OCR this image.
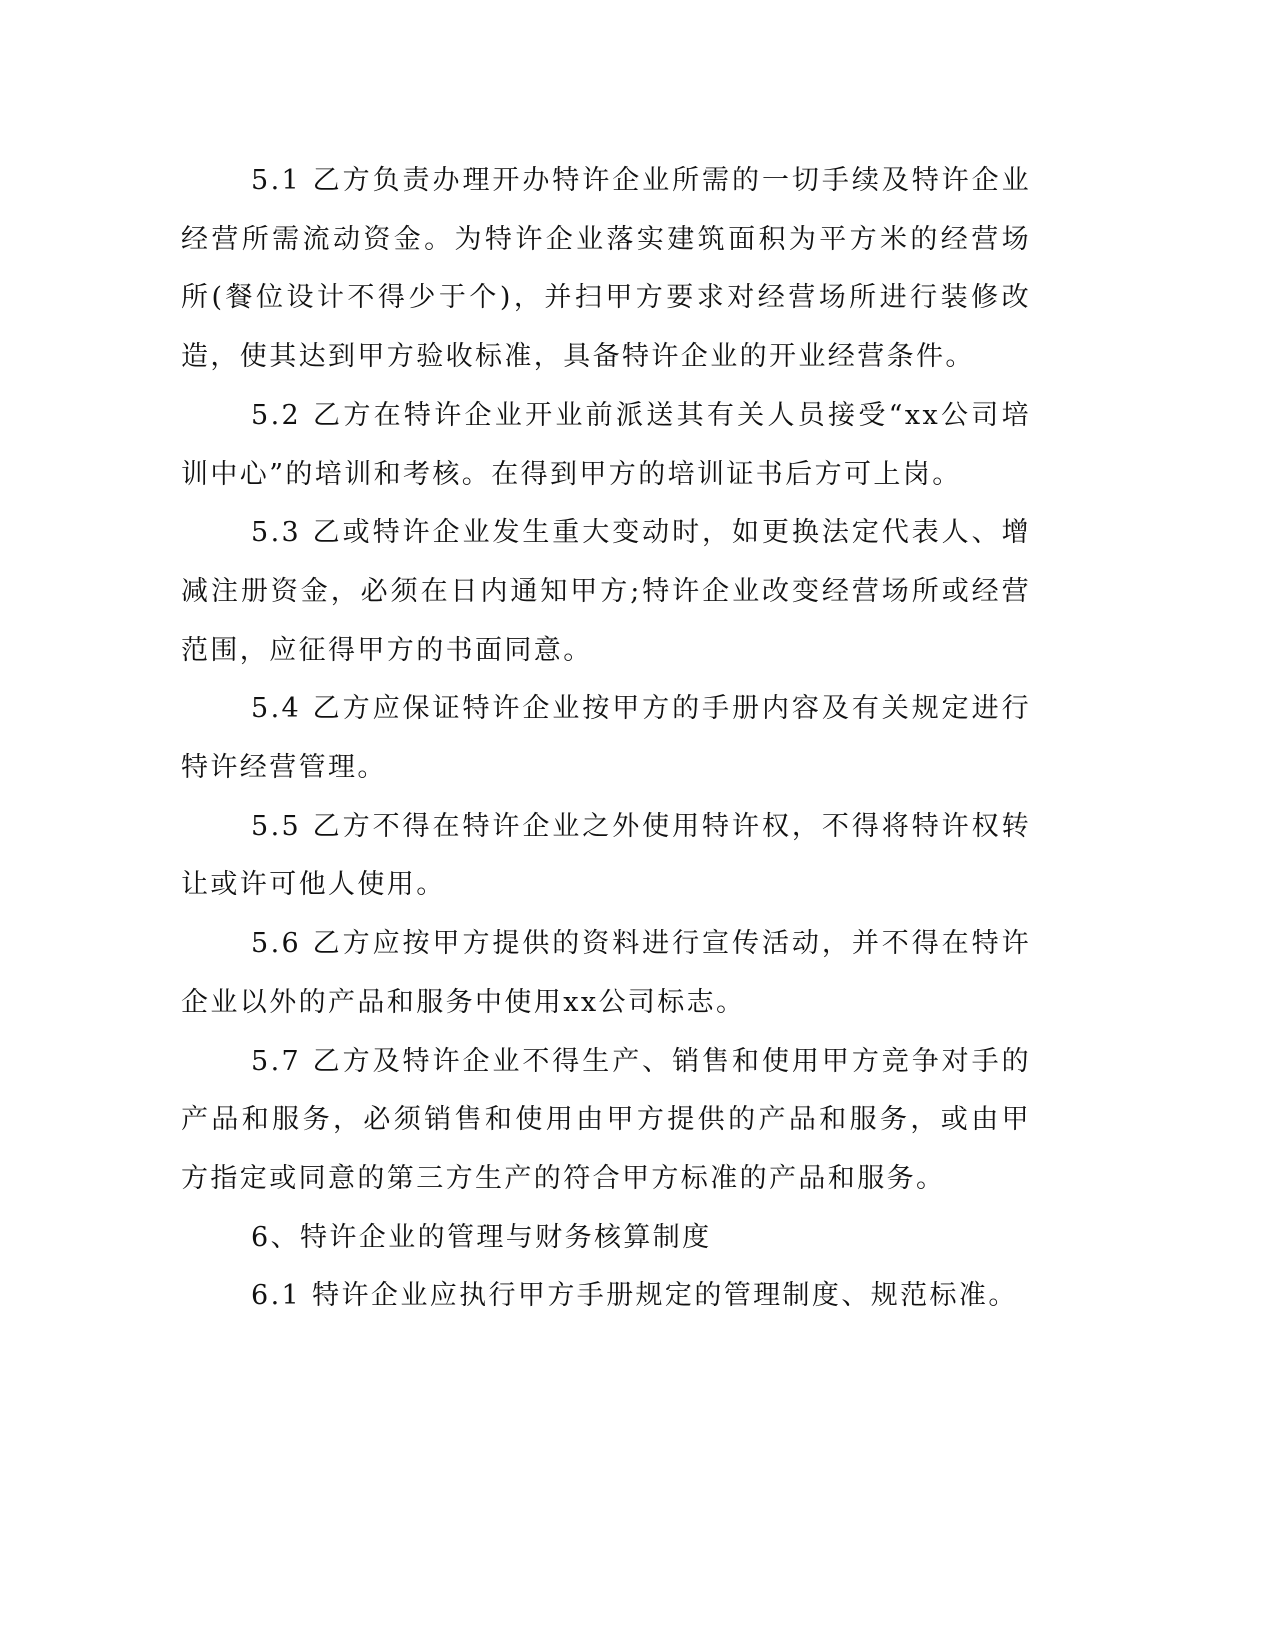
5.1 乙方负责办理开办特许企业所需的一切手续及特许企业经营所需流动资金。为特许企业落实建筑面积为平方米的经营场所(餐位设计不得少于个)，并扫甲方要求对经营场所进行装修改造，使其达到甲方验收标准，具备特许企业的开业经营条件。

5.2 乙方在特许企业开业前派送其有关人员接受“xx公司培训中心”的培训和考核。在得到甲方的培训证书后方可上岗。

5.3 乙或特许企业发生重大变动时，如更换法定代表人、增减注册资金，必须在日内通知甲方;特许企业改变经营场所或经营范围，应征得甲方的书面同意。

5.4 乙方应保证特许企业按甲方的手册内容及有关规定进行特许经营管理。

5.5 乙方不得在特许企业之外使用特许权，不得将特许权转让或许可他人使用。

5.6 乙方应按甲方提供的资料进行宣传活动，并不得在特许企业以外的产品和服务中使用xx公司标志。

5.7 乙方及特许企业不得生产、销售和使用甲方竞争对手的产品和服务，必须销售和使用由甲方提供的产品和服务，或由甲方指定或同意的第三方生产的符合甲方标准的产品和服务。

6、特许企业的管理与财务核算制度

6.1 特许企业应执行甲方手册规定的管理制度、规范标准。
